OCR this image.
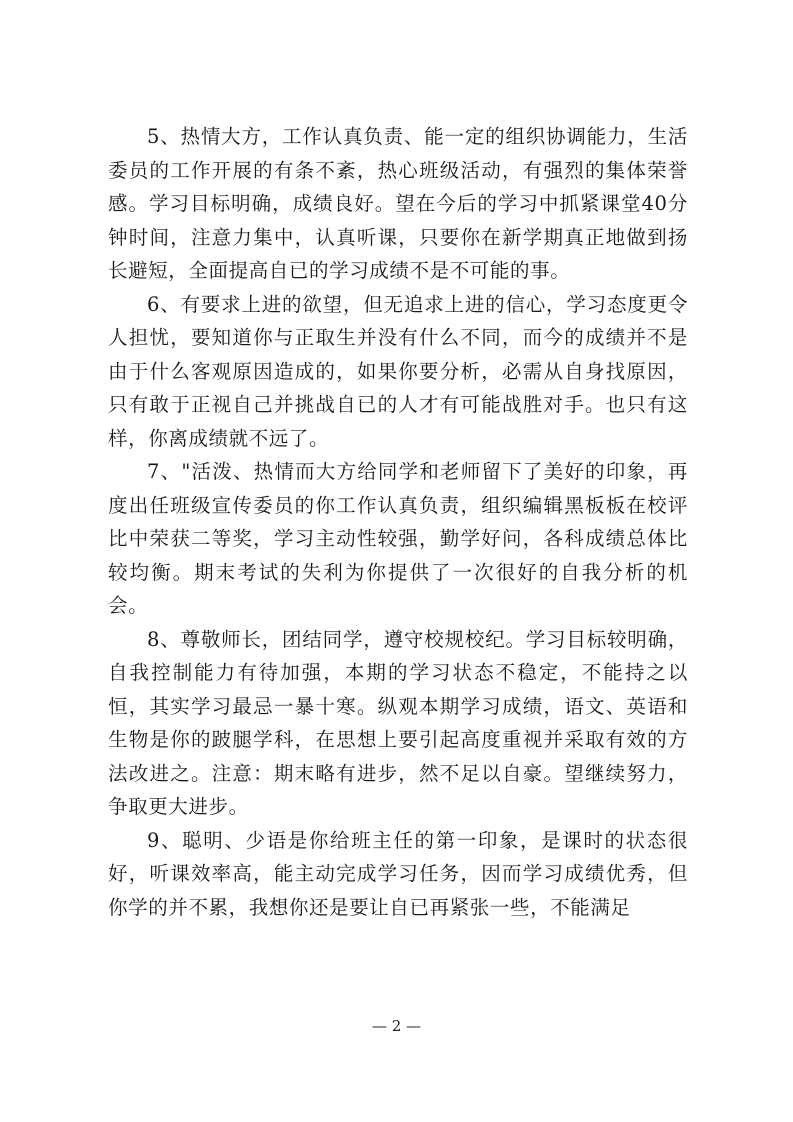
5、热情大方，工作认真负责、能一定的组织协调能力，生活委员的工作开展的有条不紊，热心班级活动，有强烈的集体荣誉感。学习目标明确，成绩良好。望在今后的学习中抓紧课堂40分钟时间，注意力集中，认真听课，只要你在新学期真正地做到扬长避短，全面提高自已的学习成绩不是不可能的事。

6、有要求上进的欲望，但无追求上进的信心，学习态度更令人担忧，要知道你与正取生并没有什么不同，而今的成绩并不是由于什么客观原因造成的，如果你要分析，必需从自身找原因，只有敢于正视自己并挑战自已的人才有可能战胜对手。也只有这样，你离成绩就不远了。

7、"活泼、热情而大方给同学和老师留下了美好的印象，再度出任班级宣传委员的你工作认真负责，组织编辑黑板板在校评比中荣获二等奖，学习主动性较强，勤学好问，各科成绩总体比较均衡。期末考试的失利为你提供了一次很好的自我分析的机会。

8、尊敬师长，团结同学，遵守校规校纪。学习目标较明确，自我控制能力有待加强，本期的学习状态不稳定，不能持之以恒，其实学习最忌一暴十寒。纵观本期学习成绩，语文、英语和生物是你的跛腿学科，在思想上要引起高度重视并采取有效的方法改进之。注意：期末略有进步，然不足以自豪。望继续努力，争取更大进步。

9、聪明、少语是你给班主任的第一印象，是课时的状态很好，听课效率高，能主动完成学习任务，因而学习成绩优秀，但你学的并不累，我想你还是要让自已再紧张一些，不能满足

— 2 —
